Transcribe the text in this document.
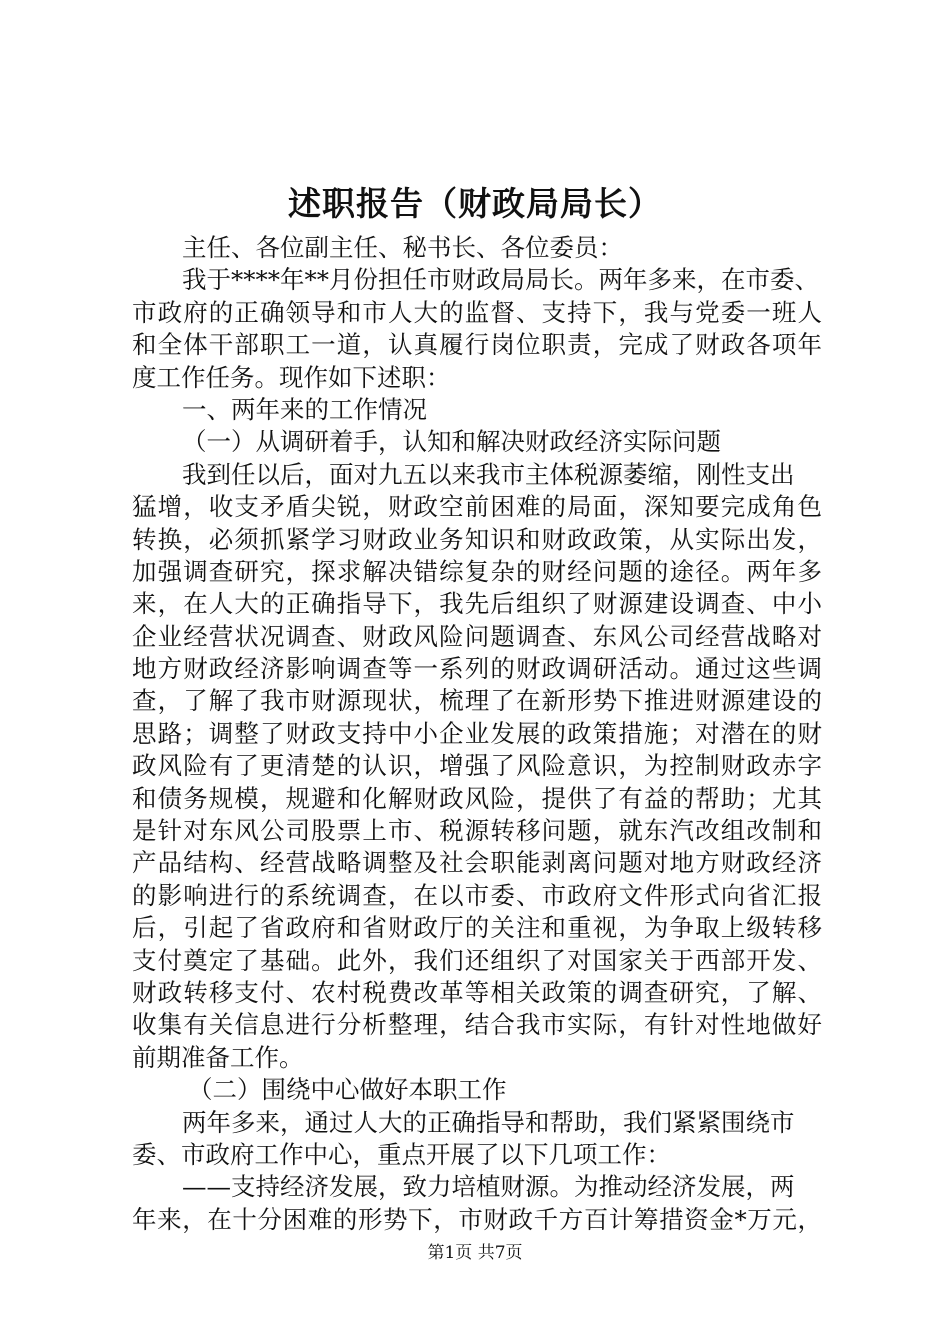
述职报告（财政局局长）
主任、各位副主任、秘书长、各位委员：
我于****年**月份担任市财政局局长。两年多来，在市委、
市政府的正确领导和市人大的监督、支持下，我与党委一班人
和全体干部职工一道，认真履行岗位职责，完成了财政各项年
度工作任务。现作如下述职：
一、两年来的工作情况
（一）从调研着手，认知和解决财政经济实际问题
我到任以后，面对九五以来我市主体税源萎缩，刚性支出
猛增，收支矛盾尖锐，财政空前困难的局面，深知要完成角色
转换，必须抓紧学习财政业务知识和财政政策，从实际出发，
加强调查研究，探求解决错综复杂的财经问题的途径。两年多
来，在人大的正确指导下，我先后组织了财源建设调查、中小
企业经营状况调查、财政风险问题调查、东风公司经营战略对
地方财政经济影响调查等一系列的财政调研活动。通过这些调
查，了解了我市财源现状，梳理了在新形势下推进财源建设的
思路；调整了财政支持中小企业发展的政策措施；对潜在的财
政风险有了更清楚的认识，增强了风险意识，为控制财政赤字
和债务规模，规避和化解财政风险，提供了有益的帮助；尤其
是针对东风公司股票上市、税源转移问题，就东汽改组改制和
产品结构、经营战略调整及社会职能剥离问题对地方财政经济
的影响进行的系统调查，在以市委、市政府文件形式向省汇报
后，引起了省政府和省财政厅的关注和重视，为争取上级转移
支付奠定了基础。此外，我们还组织了对国家关于西部开发、
财政转移支付、农村税费改革等相关政策的调查研究，了解、
收集有关信息进行分析整理，结合我市实际，有针对性地做好
前期准备工作。
（二）围绕中心做好本职工作
两年多来，通过人大的正确指导和帮助，我们紧紧围绕市
委、市政府工作中心，重点开展了以下几项工作：
——支持经济发展，致力培植财源。为推动经济发展，两
年来，在十分困难的形势下，市财政千方百计筹措资金*万元，
第1页 共7页
